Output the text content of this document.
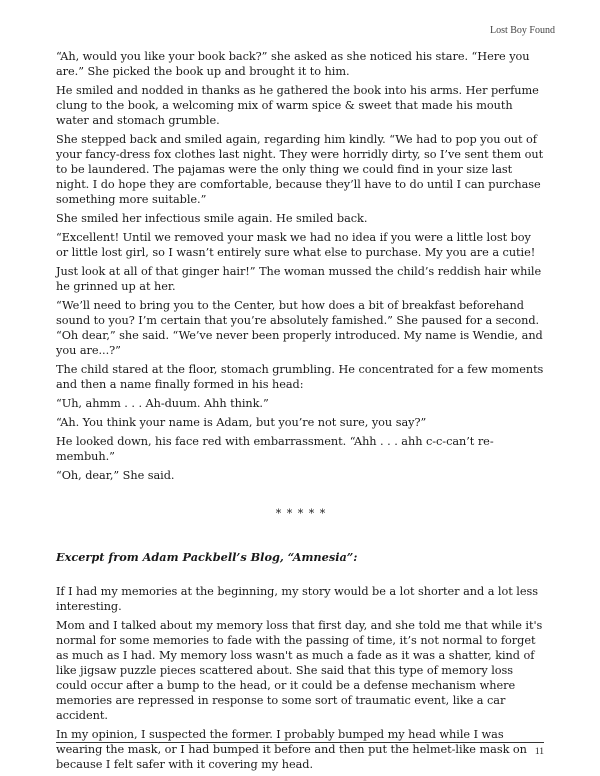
Lost Boy Found

“Ah, would you like your book back?” she asked as she noticed his stare. “Here you are.” She picked the book up and brought it to him.

He smiled and nodded in thanks as he gathered the book into his arms. Her perfume clung to the book, a welcoming mix of warm spice & sweet that made his mouth water and stomach grumble.

She stepped back and smiled again, regarding him kindly. “We had to pop you out of your fancy-dress fox clothes last night. They were horridly dirty, so I’ve sent them out to be laundered. The pajamas were the only thing we could find in your size last night. I do hope they are comfortable, because they’ll have to do until I can purchase something more suitable.”

She smiled her infectious smile again. He smiled back.

“Excellent! Until we removed your mask we had no idea if you were a little lost boy or little lost girl, so I wasn’t entirely sure what else to purchase. My you are a cutie!

Just look at all of that ginger hair!” The woman mussed the child’s reddish hair while he grinned up at her.

“We’ll need to bring you to the Center, but how does a bit of breakfast beforehand sound to you? I’m certain that you’re absolutely famished.” She paused for a second. “Oh dear,” she said. “We’ve never been properly introduced. My name is Wendie, and you are...?”

The child stared at the floor, stomach grumbling. He concentrated for a few moments and then a name finally formed in his head:

“Uh, ahmm . . . Ah-duum. Ahh think.”

“Ah. You think your name is Adam, but you’re not sure, you say?”

He looked down, his face red with embarrassment. “Ahh . . . ahh c-c-can’t re-membuh.”

“Oh, dear,” She said.

* * * * *

Excerpt from Adam Packbell’s Blog, “Amnesia”:

If I had my memories at the beginning, my story would be a lot shorter and a lot less interesting.

Mom and I talked about my memory loss that first day, and she told me that while it's normal for some memories to fade with the passing of time, it’s not normal to forget as much as I had. My memory loss wasn't as much a fade as it was a shatter, kind of like jigsaw puzzle pieces scattered about. She said that this type of memory loss could occur after a bump to the head, or it could be a defense mechanism where memories are repressed in response to some sort of traumatic event, like a car accident.

In my opinion, I suspected the former. I probably bumped my head while I was wearing the mask, or I had bumped it before and then put the helmet-like mask on because I felt safer with it covering my head.

11
